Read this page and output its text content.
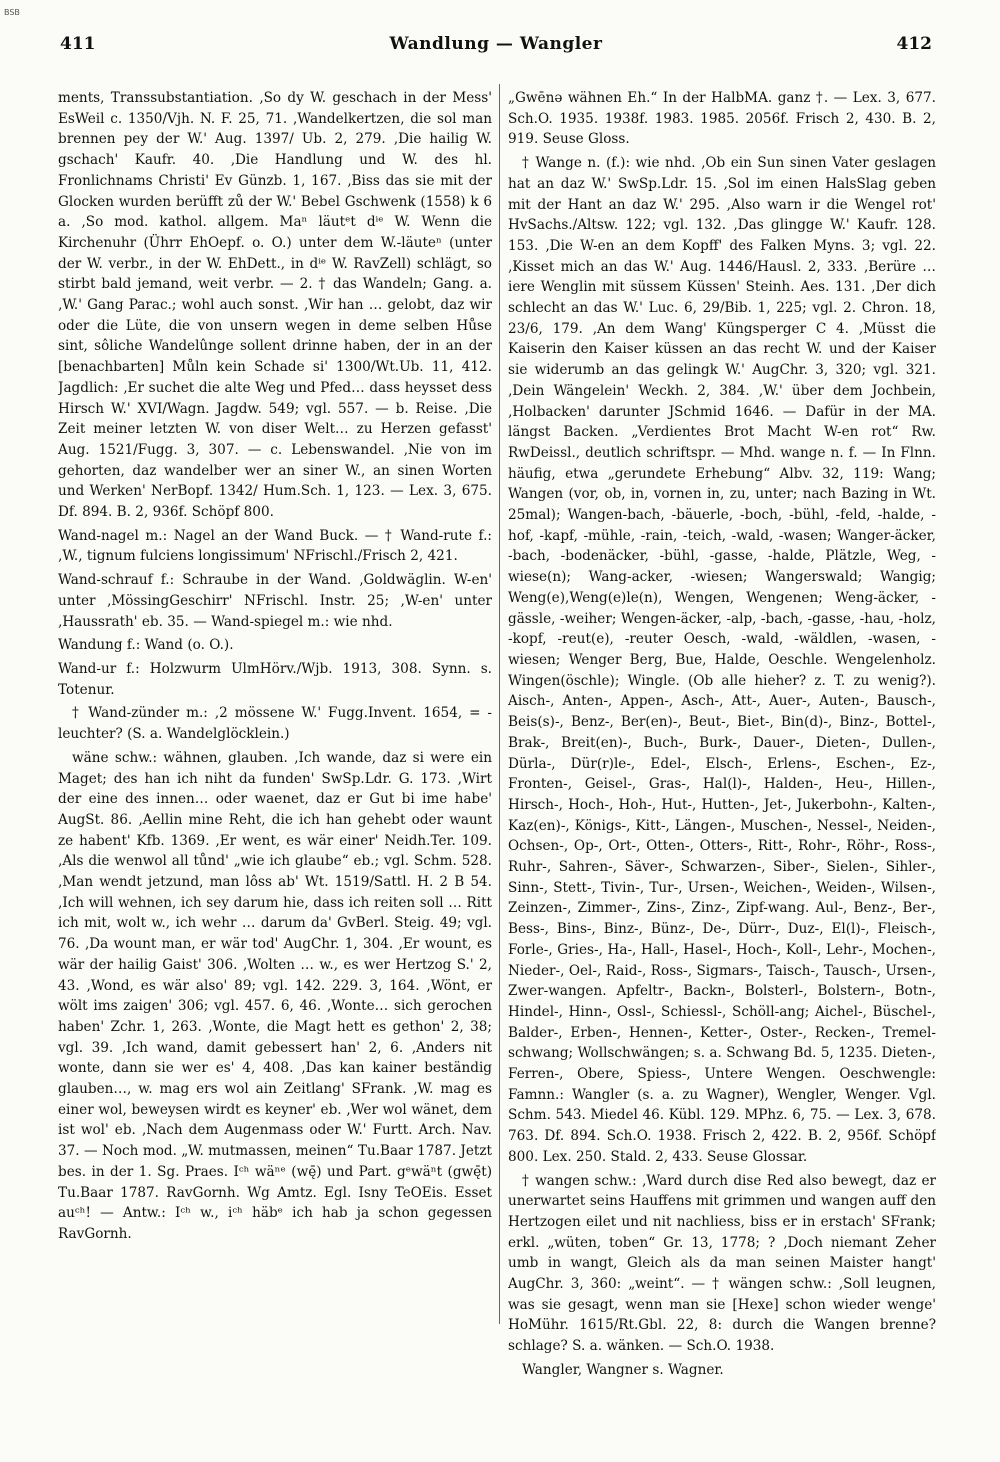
BSB
411	Wandlung — Wangler	412

ments, Transsubstantiation. ‚So dy W. geschach in der Mess' EsWeil c. 1350/Vjh. N. F. 25, 71. ‚Wandelkertzen, die sol man brennen pey der W.' Aug. 1397/ Ub. 2, 279. ‚Die hailig W. gschach' Kaufr. 40. ‚Die Handlung und W. des hl. Fronlichnams Christi' Ev Günzb. 1, 167. ‚Biss das sie mit der Glocken wurden berüfft zů der W.' Bebel Gschwenk (1558) k 6 a. ‚So mod. kathol. allgem. Maⁿ läutᵉt dⁱᵉ W. Wenn die Kirchenuhr (Ührr EhOepf. o. O.) unter dem W.-läuteⁿ (unter der W. verbr., in der W. EhDett., in dⁱᵉ W. RavZell) schlägt, so stirbt bald jemand, weit verbr. — 2. † das Wandeln; Gang. a. ‚W.' Gang Parac.; wohl auch sonst. ‚Wir han … gelobt, daz wir oder die Lüte, die von unsern wegen in deme selben Hůse sint, sôliche Wandelûnge sollent drinne haben, der in an der [benachbarten] Můln kein Schade si' 1300/Wt.Ub. 11, 412. Jagdlich: ‚Er suchet die alte Weg und Pfed… dass heysset dess Hirsch W.' XVI/Wagn. Jagdw. 549; vgl. 557. — b. Reise. ‚Die Zeit meiner letzten W. von diser Welt… zu Herzen gefasst' Aug. 1521/Fugg. 3, 307. — c. Lebenswandel. ‚Nie von im gehorten, daz wandelber wer an siner W., an sinen Worten und Werken' NerBopf. 1342/ Hum.Sch. 1, 123. — Lex. 3, 675. Df. 894. B. 2, 936f. Schöpf 800.

Wand-nagel m.: Nagel an der Wand Buck. — † Wand-rute f.: ‚W., tignum fulciens longissimum' NFrischl./Frisch 2, 421.

Wand-schrauf f.: Schraube in der Wand. ‚Goldwäglin. W-en' unter ‚MössingGeschirr' NFrischl. Instr. 25; ‚W-en' unter ‚Haussrath' eb. 35. — Wand-spiegel m.: wie nhd.

Wandung f.: Wand (o. O.).

Wand-ur f.: Holzwurm UlmHörv./Wjb. 1913, 308. Synn. s. Totenur.

† Wand-zünder m.: ‚2 mössene W.' Fugg.Invent. 1654, = -leuchter? (S. a. Wandelglöcklein.)

wäne schw.: wähnen, glauben. ‚Ich wande, daz si were ein Maget; des han ich niht da funden' SwSp.Ldr. G. 173. ‚Wirt der eine des innen… oder waenet, daz er Gut bi ime habe' AugSt. 86. ‚Aellin mine Reht, die ich han gehebt oder waunt ze habent' Kfb. 1369. ‚Er went, es wär einer' Neidh.Ter. 109. ‚Als die wenwol all tůnd' „wie ich glaube“ eb.; vgl. Schm. 528. ‚Man wendt jetzund, man lôss ab' Wt. 1519/Sattl. H. 2 B 54. ‚Ich will wehnen, ich sey darum hie, dass ich reiten soll … Ritt ich mit, wolt w., ich wehr … darum da' GvBerl. Steig. 49; vgl. 76. ‚Da wount man, er wär tod' AugChr. 1, 304. ‚Er wount, es wär der hailig Gaist' 306. ‚Wolten … w., es wer Hertzog S.' 2, 43. ‚Wond, es wär also' 89; vgl. 142. 229. 3, 164. ‚Wönt, er wölt ims zaigen' 306; vgl. 457. 6, 46. ‚Wonte… sich gerochen haben' Zchr. 1, 263. ‚Wonte, die Magt hett es gethon' 2, 38; vgl. 39. ‚Ich wand, damit gebessert han' 2, 6. ‚Anders nit wonte, dann sie wer es' 4, 408. ‚Das kan kainer beständig glauben…, w. mag ers wol ain Zeitlang' SFrank. ‚W. mag es einer wol, beweysen wirdt es keyner' eb. ‚Wer wol wänet, dem ist wol' eb. ‚Nach dem Augenmass oder W.' Furtt. Arch. Nav. 37. — Noch mod. „W. mutmassen, meinen“ Tu.Baar 1787. Jetzt bes. in der 1. Sg. Praes. Iᶜʰ wäⁿᵉ (wę̄) und Part. gᵉwäⁿt (gwę̄t) Tu.Baar 1787. RavGornh. Wg Amtz. Egl. Isny TeOEis. Esset auᶜʰ! — Antw.: Iᶜʰ w., iᶜʰ häbᵉ ich hab ja schon gegessen RavGornh.

„Gwēnə wähnen Eh.“ In der HalbMA. ganz †. — Lex. 3, 677. Sch.O. 1935. 1938f. 1983. 1985. 2056f. Frisch 2, 430. B. 2, 919. Seuse Gloss.

† Wange n. (f.): wie nhd. ‚Ob ein Sun sinen Vater geslagen hat an daz W.' SwSp.Ldr. 15. ‚Sol im einen HalsSlag geben mit der Hant an daz W.' 295. ‚Also warn ir die Wengel rot' HvSachs./Altsw. 122; vgl. 132. ‚Das glingge W.' Kaufr. 128. 153. ‚Die W-en an dem Kopff' des Falken Myns. 3; vgl. 22. ‚Kisset mich an das W.' Aug. 1446/Hausl. 2, 333. ‚Berüre … iere Wenglin mit süssem Küssen' Steinh. Aes. 131. ‚Der dich schlecht an das W.' Luc. 6, 29/Bib. 1, 225; vgl. 2. Chron. 18, 23/6, 179. ‚An dem Wang' Küngsperger C 4. ‚Müsst die Kaiserin den Kaiser küssen an das recht W. und der Kaiser sie widerumb an das gelingk W.' AugChr. 3, 320; vgl. 321. ‚Dein Wängelein' Weckh. 2, 384. ‚W.' über dem Jochbein, ‚Holbacken' darunter JSchmid 1646. — Dafür in der MA. längst Backen. „Verdientes Brot Macht W-en rot“ Rw. RwDeissl., deutlich schriftspr. — Mhd. wange n. f. — In Flnn. häufig, etwa „gerundete Erhebung“ Albv. 32, 119: Wang; Wangen (vor, ob, in, vornen in, zu, unter; nach Bazing in Wt. 25mal); Wangen-bach, -bäuerle, -boch, -bühl, -feld, -halde, -hof, -kapf, -mühle, -rain, -teich, -wald, -wasen; Wanger-äcker, -bach, -bodenäcker, -bühl, -gasse, -halde, Plätzle, Weg, -wiese(n); Wang-acker, -wiesen; Wangerswald; Wangig; Weng(e),Weng(e)le(n), Wengen, Wengenen; Weng-äcker, -gässle, -weiher; Wengen-äcker, -alp, -bach, -gasse, -hau, -holz, -kopf, -reut(e), -reuter Oesch, -wald, -wäldlen, -wasen, -wiesen; Wenger Berg, Bue, Halde, Oeschle. Wengelenholz. Wingen(öschle); Wingle. (Ob alle hieher? z. T. zu wenig?). Aisch-, Anten-, Appen-, Asch-, Att-, Auer-, Auten-, Bausch-, Beis(s)-, Benz-, Ber(en)-, Beut-, Biet-, Bin(d)-, Binz-, Bottel-, Brak-, Breit(en)-, Buch-, Burk-, Dauer-, Dieten-, Dullen-, Dürla-, Dür(r)le-, Edel-, Elsch-, Erlens-, Eschen-, Ez-, Fronten-, Geisel-, Gras-, Hal(l)-, Halden-, Heu-, Hillen-, Hirsch-, Hoch-, Hoh-, Hut-, Hutten-, Jet-, Jukerbohn-, Kalten-, Kaz(en)-, Königs-, Kitt-, Längen-, Muschen-, Nessel-, Neiden-, Ochsen-, Op-, Ort-, Otten-, Otters-, Ritt-, Rohr-, Röhr-, Ross-, Ruhr-, Sahren-, Säver-, Schwarzen-, Siber-, Sielen-, Sihler-, Sinn-, Stett-, Tivin-, Tur-, Ursen-, Weichen-, Weiden-, Wilsen-, Zeinzen-, Zimmer-, Zins-, Zinz-, Zipf-wang. Aul-, Benz-, Ber-, Bess-, Bins-, Binz-, Bünz-, De-, Dürr-, Duz-, El(l)-, Fleisch-, Forle-, Gries-, Ha-, Hall-, Hasel-, Hoch-, Koll-, Lehr-, Mochen-, Nieder-, Oel-, Raid-, Ross-, Sigmars-, Taisch-, Tausch-, Ursen-, Zwer-wangen. Apfeltr-, Backn-, Bolsterl-, Bolstern-, Botn-, Hindel-, Hinn-, Ossl-, Schiessl-, Schöll-ang; Aichel-, Büschel-, Balder-, Erben-, Hennen-, Ketter-, Oster-, Recken-, Tremel-schwang; Wollschwängen; s. a. Schwang Bd. 5, 1235. Dieten-, Ferren-, Obere, Spiess-, Untere Wengen. Oeschwengle: Famnn.: Wangler (s. a. zu Wagner), Wengler, Wenger. Vgl. Schm. 543. Miedel 46. Kübl. 129. MPhz. 6, 75. — Lex. 3, 678. 763. Df. 894. Sch.O. 1938. Frisch 2, 422. B. 2, 956f. Schöpf 800. Lex. 250. Stald. 2, 433. Seuse Glossar.

† wangen schw.: ‚Ward durch dise Red also bewegt, daz er unerwartet seins Hauffens mit grimmen und wangen auff den Hertzogen eilet und nit nachliess, biss er in erstach' SFrank; erkl. „wüten, toben“ Gr. 13, 1778; ? ‚Doch niemant Zeher umb in wangt, Gleich als da man seinen Maister hangt' AugChr. 3, 360: „weint“. — † wängen schw.: ‚Soll leugnen, was sie gesagt, wenn man sie [Hexe] schon wieder wenge' HoMühr. 1615/Rt.Gbl. 22, 8: durch die Wangen brenne? schlage? S. a. wänken. — Sch.O. 1938.

Wangler, Wangner s. Wagner.
